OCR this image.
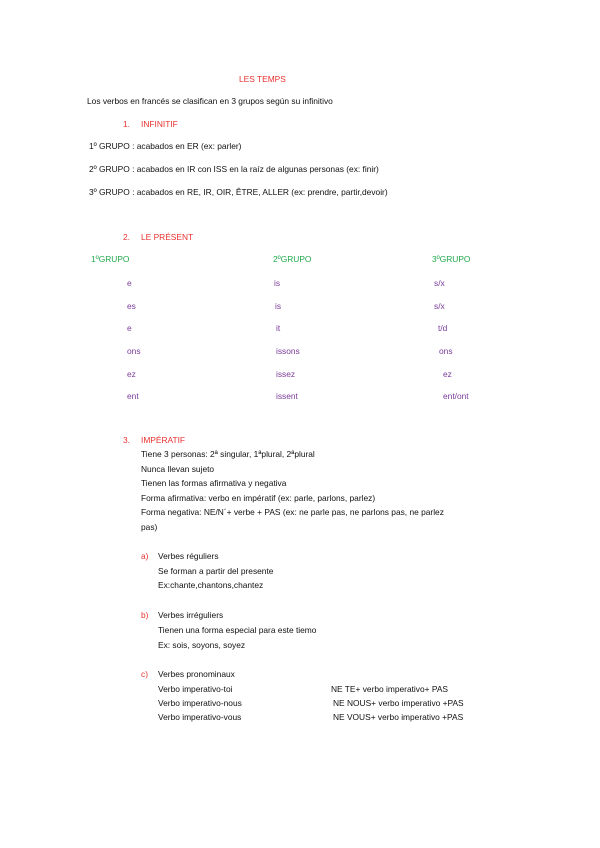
LES TEMPS
Los verbos en francés se clasifican en 3 grupos según su infinitivo
1. INFINITIF
1º GRUPO : acabados en ER (ex: parler)
2º GRUPO : acabados en IR con ISS en la raíz de algunas personas (ex: finir)
3º GRUPO : acabados en RE, IR, OIR, ÊTRE, ALLER (ex: prendre, partir,devoir)
2. LE PRÉSENT
1ºGRUPO	2ºGRUPO	3ºGRUPO
e
es
e
ons
ez
ent
is
is
it
issons
issez
issent
s/x
s/x
t/d
ons
ez
ent/ont
3. IMPÉRATIF
Tiene 3 personas: 2ª singular, 1ªplural, 2ªplural
Nunca llevan sujeto
Tienen las formas afirmativa y negativa
Forma afirmativa: verbo en impératif (ex: parle, parlons, parlez)
Forma negativa: NE/N´+ verbe + PAS (ex: ne parle pas, ne parlons pas, ne parlez
pas)
a) Verbes réguliers
Se forman a partir del presente
Ex:chante,chantons,chantez
b) Verbes irréguliers
Tienen una forma especial para este tiemo
Ex: sois, soyons, soyez
c) Verbes pronominaux
Verbo imperativo-toi
Verbo imperativo-nous
Verbo imperativo-vous
NE TE+ verbo imperativo+ PAS
NE NOUS+ verbo imperativo +PAS
NE VOUS+ verbo imperativo +PAS
